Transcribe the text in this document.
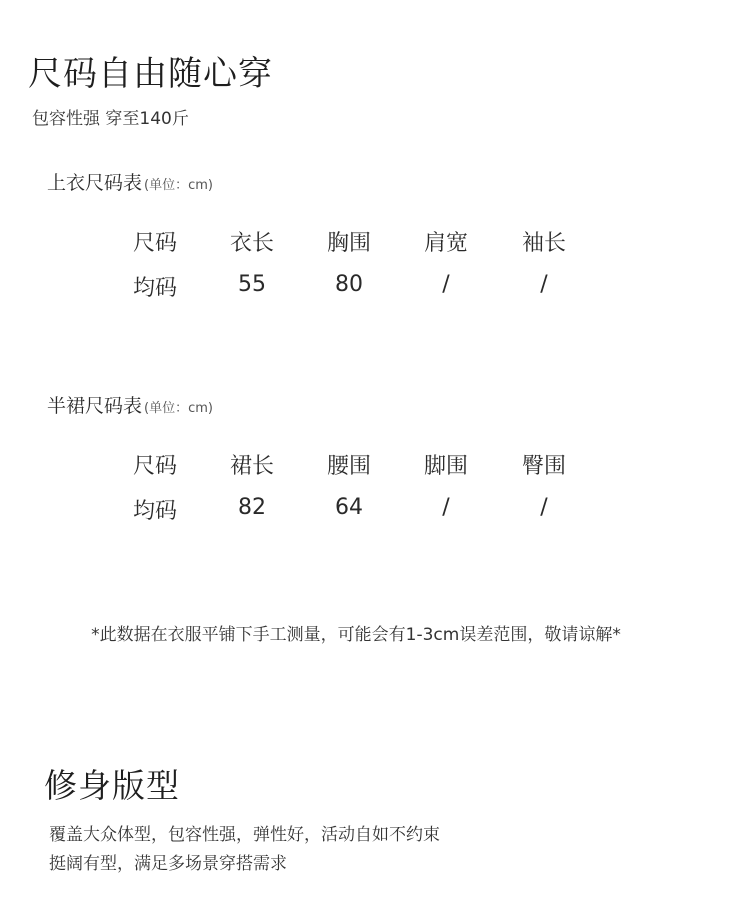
尺码自由随心穿
包容性强 穿至140斤
上衣尺码表 (单位：cm)
尺码	衣长	胸围	肩宽	袖长
均码	55	80	/	/
半裙尺码表 (单位：cm)
尺码	裙长	腰围	脚围	臀围
均码	82	64	/	/
*此数据在衣服平铺下手工测量，可能会有1-3cm误差范围，敬请谅解*
修身版型
覆盖大众体型，包容性强，弹性好，活动自如不约束
挺阔有型，满足多场景穿搭需求
